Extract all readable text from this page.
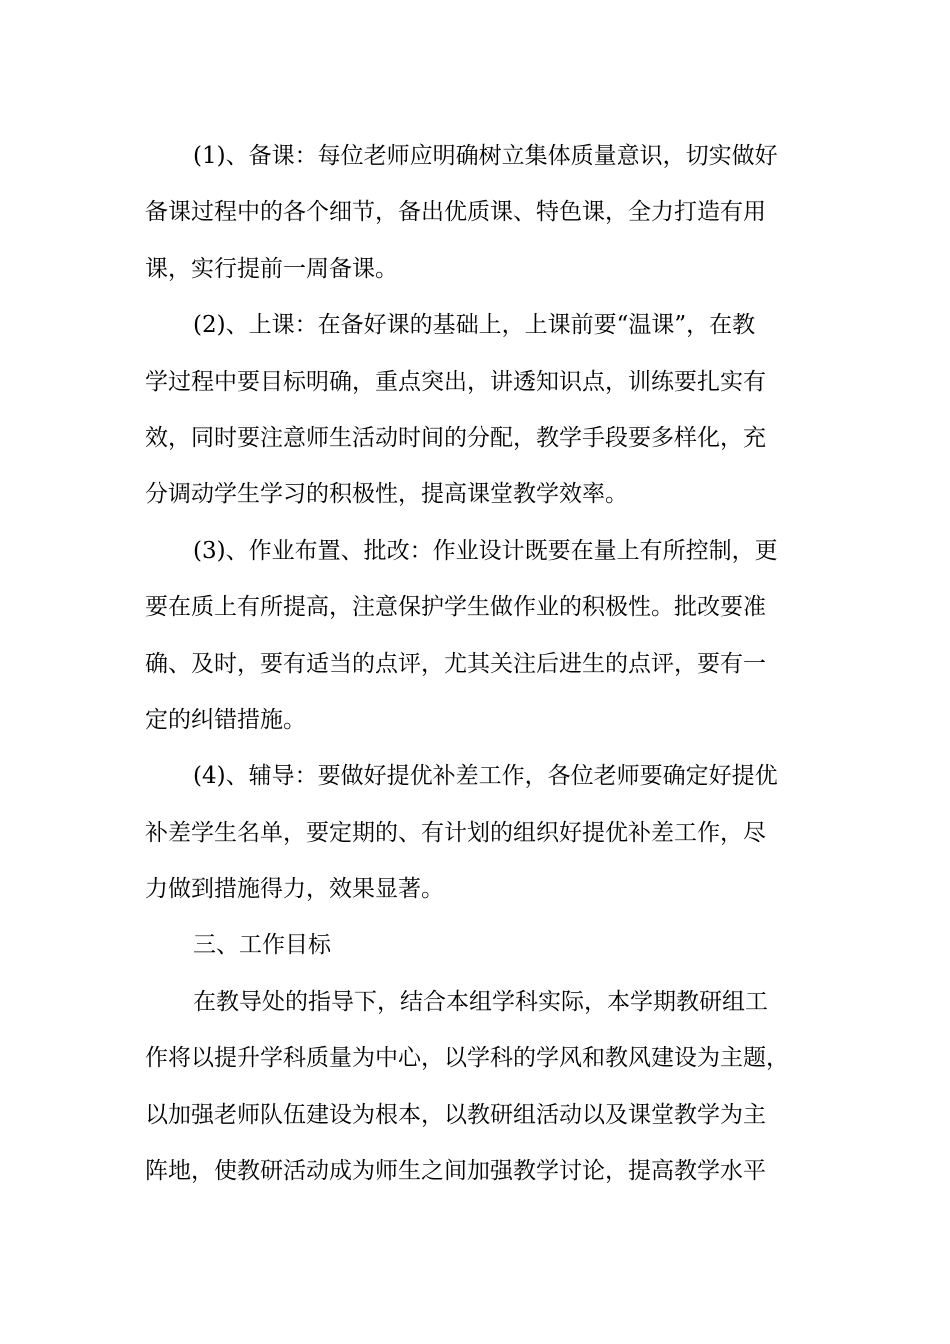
(1)、备课：每位老师应明确树立集体质量意识，切实做好
备课过程中的各个细节，备出优质课、特色课，全力打造有用
课，实行提前一周备课。
(2)、上课：在备好课的基础上，上课前要“温课”，在教
学过程中要目标明确，重点突出，讲透知识点，训练要扎实有
效，同时要注意师生活动时间的分配，教学手段要多样化，充
分调动学生学习的积极性，提高课堂教学效率。
(3)、作业布置、批改：作业设计既要在量上有所控制，更
要在质上有所提高，注意保护学生做作业的积极性。批改要准
确、及时，要有适当的点评，尤其关注后进生的点评，要有一
定的纠错措施。
(4)、辅导：要做好提优补差工作，各位老师要确定好提优
补差学生名单，要定期的、有计划的组织好提优补差工作，尽
力做到措施得力，效果显著。
三、工作目标
在教导处的指导下，结合本组学科实际，本学期教研组工
作将以提升学科质量为中心，以学科的学风和教风建设为主题，
以加强老师队伍建设为根本，以教研组活动以及课堂教学为主
阵地，使教研活动成为师生之间加强教学讨论，提高教学水平
